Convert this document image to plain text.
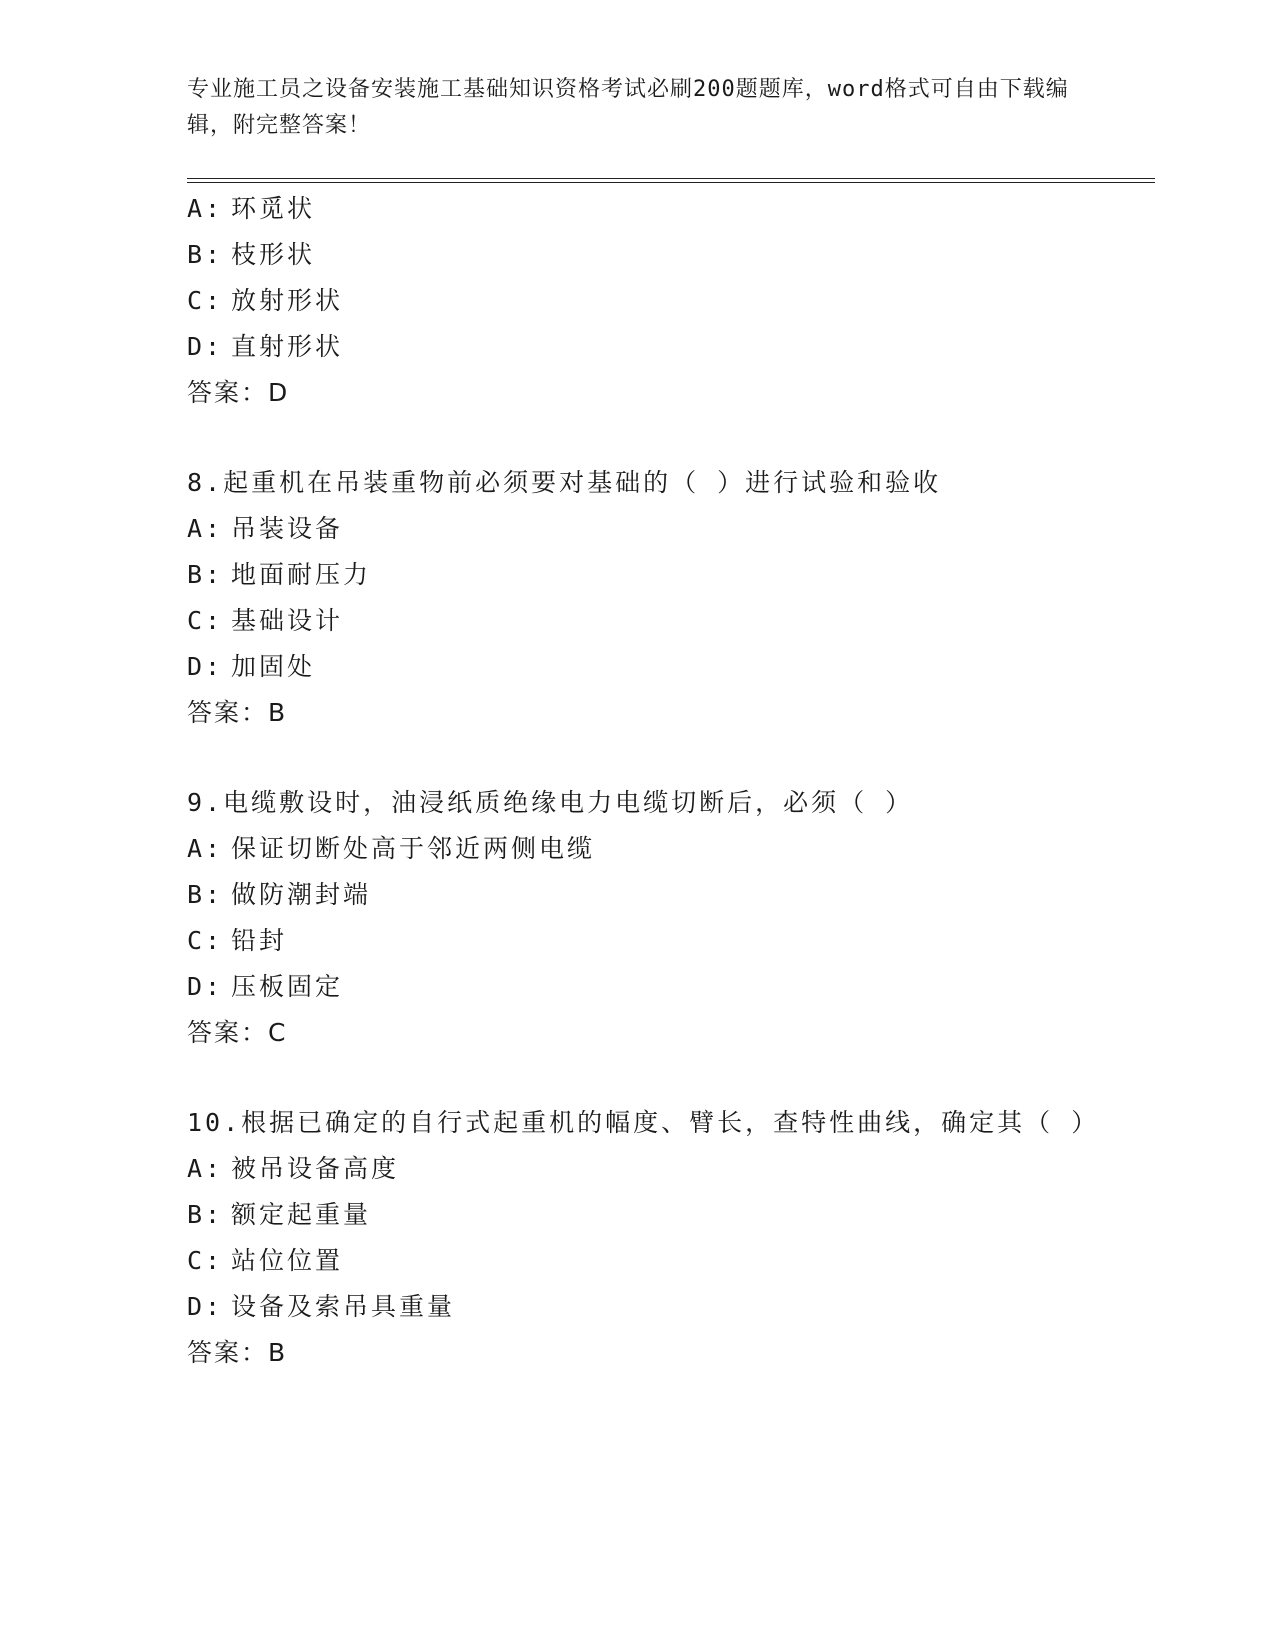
专业施工员之设备安装施工基础知识资格考试必刷200题题库，word格式可自由下载编辑，附完整答案！
A: 环觅状
B: 枝形状
C: 放射形状
D: 直射形状
答案：D
8.起重机在吊装重物前必须要对基础的（ ）进行试验和验收
A: 吊装设备
B: 地面耐压力
C: 基础设计
D: 加固处
答案：B
9.电缆敷设时，油浸纸质绝缘电力电缆切断后，必须（ ）
A: 保证切断处高于邻近两侧电缆
B: 做防潮封端
C: 铅封
D: 压板固定
答案：C
10.根据已确定的自行式起重机的幅度、臂长，查特性曲线，确定其（ ）
A: 被吊设备高度
B: 额定起重量
C: 站位位置
D: 设备及索吊具重量
答案：B
